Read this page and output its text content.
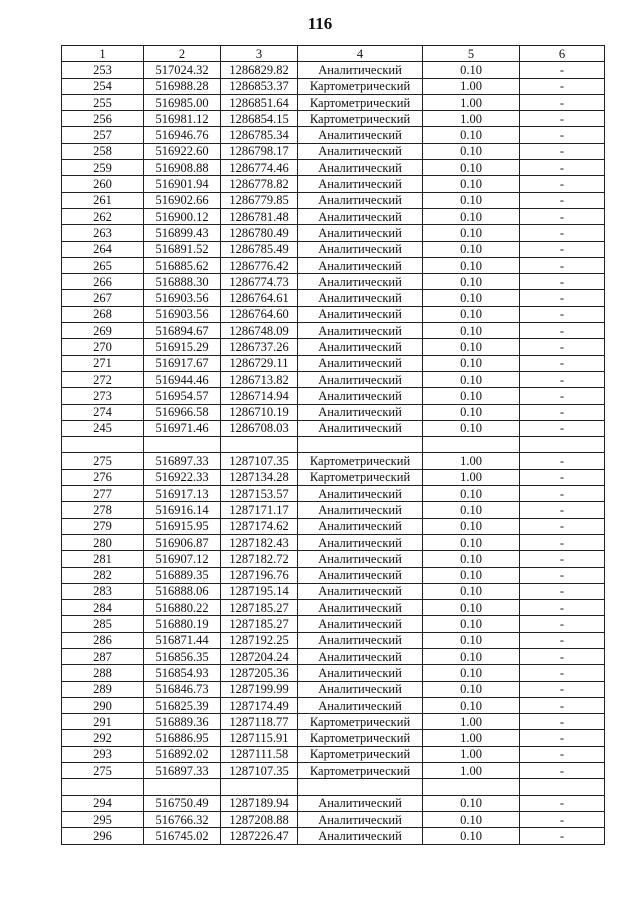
116
1	2	3	4	5	6
253	517024.32	1286829.82	Аналитический	0.10	-
254	516988.28	1286853.37	Картометрический	1.00	-
255	516985.00	1286851.64	Картометрический	1.00	-
256	516981.12	1286854.15	Картометрический	1.00	-
257	516946.76	1286785.34	Аналитический	0.10	-
258	516922.60	1286798.17	Аналитический	0.10	-
259	516908.88	1286774.46	Аналитический	0.10	-
260	516901.94	1286778.82	Аналитический	0.10	-
261	516902.66	1286779.85	Аналитический	0.10	-
262	516900.12	1286781.48	Аналитический	0.10	-
263	516899.43	1286780.49	Аналитический	0.10	-
264	516891.52	1286785.49	Аналитический	0.10	-
265	516885.62	1286776.42	Аналитический	0.10	-
266	516888.30	1286774.73	Аналитический	0.10	-
267	516903.56	1286764.61	Аналитический	0.10	-
268	516903.56	1286764.60	Аналитический	0.10	-
269	516894.67	1286748.09	Аналитический	0.10	-
270	516915.29	1286737.26	Аналитический	0.10	-
271	516917.67	1286729.11	Аналитический	0.10	-
272	516944.46	1286713.82	Аналитический	0.10	-
273	516954.57	1286714.94	Аналитический	0.10	-
274	516966.58	1286710.19	Аналитический	0.10	-
245	516971.46	1286708.03	Аналитический	0.10	-

275	516897.33	1287107.35	Картометрический	1.00	-
276	516922.33	1287134.28	Картометрический	1.00	-
277	516917.13	1287153.57	Аналитический	0.10	-
278	516916.14	1287171.17	Аналитический	0.10	-
279	516915.95	1287174.62	Аналитический	0.10	-
280	516906.87	1287182.43	Аналитический	0.10	-
281	516907.12	1287182.72	Аналитический	0.10	-
282	516889.35	1287196.76	Аналитический	0.10	-
283	516888.06	1287195.14	Аналитический	0.10	-
284	516880.22	1287185.27	Аналитический	0.10	-
285	516880.19	1287185.27	Аналитический	0.10	-
286	516871.44	1287192.25	Аналитический	0.10	-
287	516856.35	1287204.24	Аналитический	0.10	-
288	516854.93	1287205.36	Аналитический	0.10	-
289	516846.73	1287199.99	Аналитический	0.10	-
290	516825.39	1287174.49	Аналитический	0.10	-
291	516889.36	1287118.77	Картометрический	1.00	-
292	516886.95	1287115.91	Картометрический	1.00	-
293	516892.02	1287111.58	Картометрический	1.00	-
275	516897.33	1287107.35	Картометрический	1.00	-

294	516750.49	1287189.94	Аналитический	0.10	-
295	516766.32	1287208.88	Аналитический	0.10	-
296	516745.02	1287226.47	Аналитический	0.10	-
